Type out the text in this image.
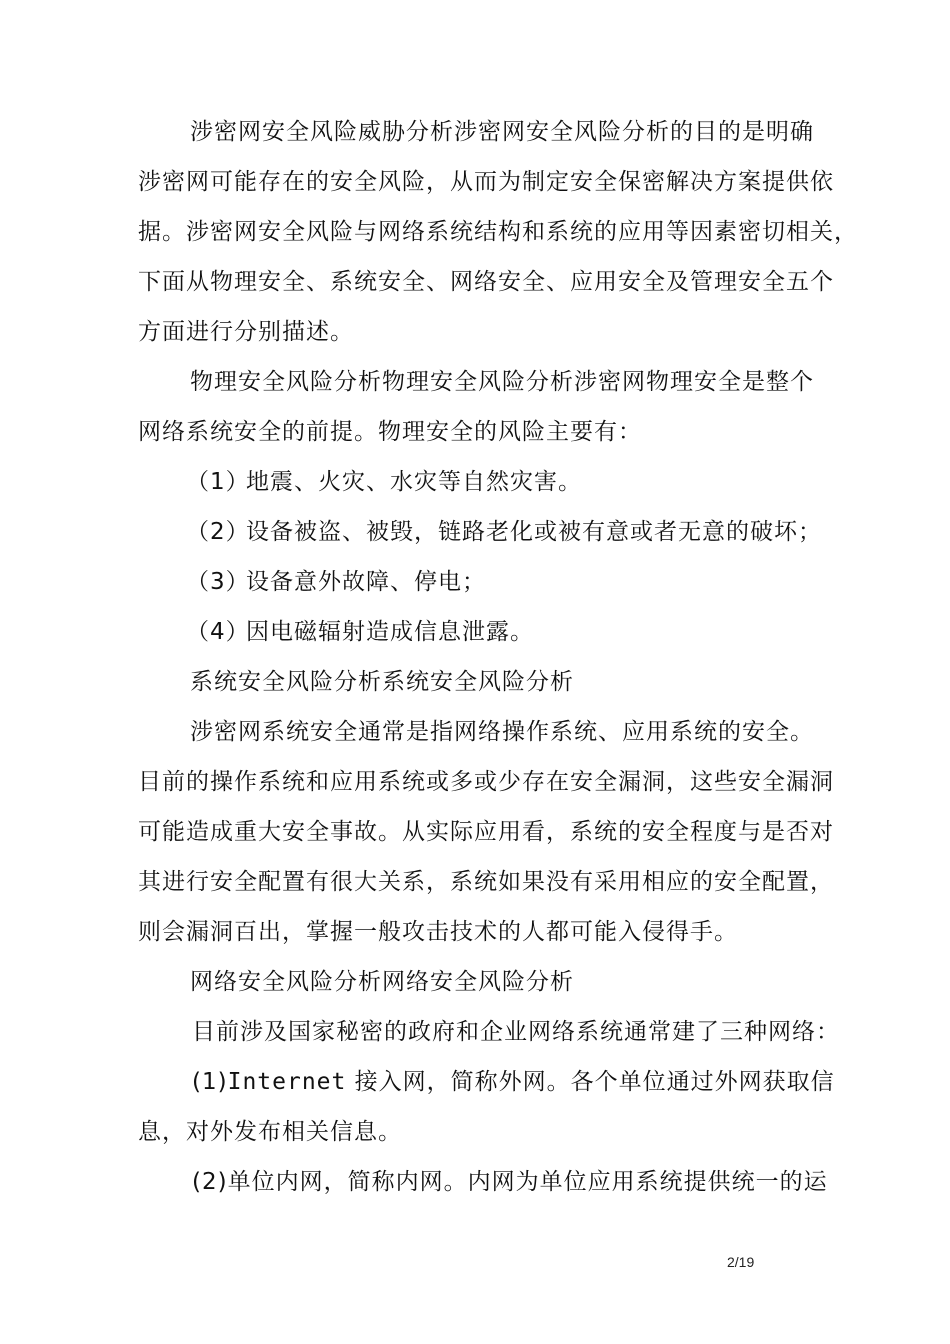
涉密网安全风险威胁分析涉密网安全风险分析的目的是明确
涉密网可能存在的安全风险，从而为制定安全保密解决方案提供依
据。涉密网安全风险与网络系统结构和系统的应用等因素密切相关，
下面从物理安全、系统安全、网络安全、应用安全及管理安全五个
方面进行分别描述。
物理安全风险分析物理安全风险分析涉密网物理安全是整个
网络系统安全的前提。物理安全的风险主要有：
（1）地震、火灾、水灾等自然灾害。
（2）设备被盗、被毁，链路老化或被有意或者无意的破坏；
（3）设备意外故障、停电；
（4）因电磁辐射造成信息泄露。
系统安全风险分析系统安全风险分析
涉密网系统安全通常是指网络操作系统、应用系统的安全。
目前的操作系统和应用系统或多或少存在安全漏洞，这些安全漏洞
可能造成重大安全事故。从实际应用看，系统的安全程度与是否对
其进行安全配置有很大关系，系统如果没有采用相应的安全配置，
则会漏洞百出，掌握一般攻击技术的人都可能入侵得手。
网络安全风险分析网络安全风险分析
目前涉及国家秘密的政府和企业网络系统通常建了三种网络：
(1)Internet 接入网，简称外网。各个单位通过外网获取信
息，对外发布相关信息。
(2)单位内网，简称内网。内网为单位应用系统提供统一的运
2/19
